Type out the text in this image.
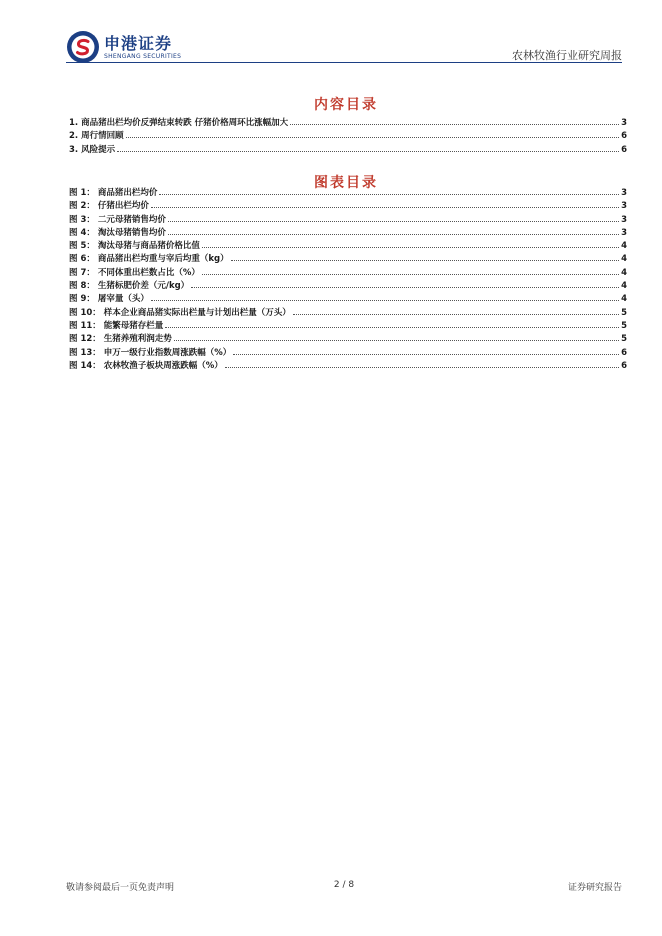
申港证券
SHENGANG SECURITIES	农林牧渔行业研究周报
内容目录
1. 商品猪出栏均价反弹结束转跌 仔猪价格周环比涨幅加大	3
2. 周行情回顾	6
3. 风险提示	6
图表目录
图 1： 商品猪出栏均价	3
图 2： 仔猪出栏均价	3
图 3： 二元母猪销售均价	3
图 4： 淘汰母猪销售均价	3
图 5： 淘汰母猪与商品猪价格比值	4
图 6： 商品猪出栏均重与宰后均重（kg）	4
图 7： 不同体重出栏数占比（%）	4
图 8： 生猪标肥价差（元/kg）	4
图 9： 屠宰量（头）	4
图 10： 样本企业商品猪实际出栏量与计划出栏量（万头）	5
图 11： 能繁母猪存栏量	5
图 12： 生猪养殖利润走势	5
图 13： 申万一级行业指数周涨跌幅（%）	6
图 14： 农林牧渔子板块周涨跌幅（%）	6
敬请参阅最后一页免责声明	2 / 8	证券研究报告
